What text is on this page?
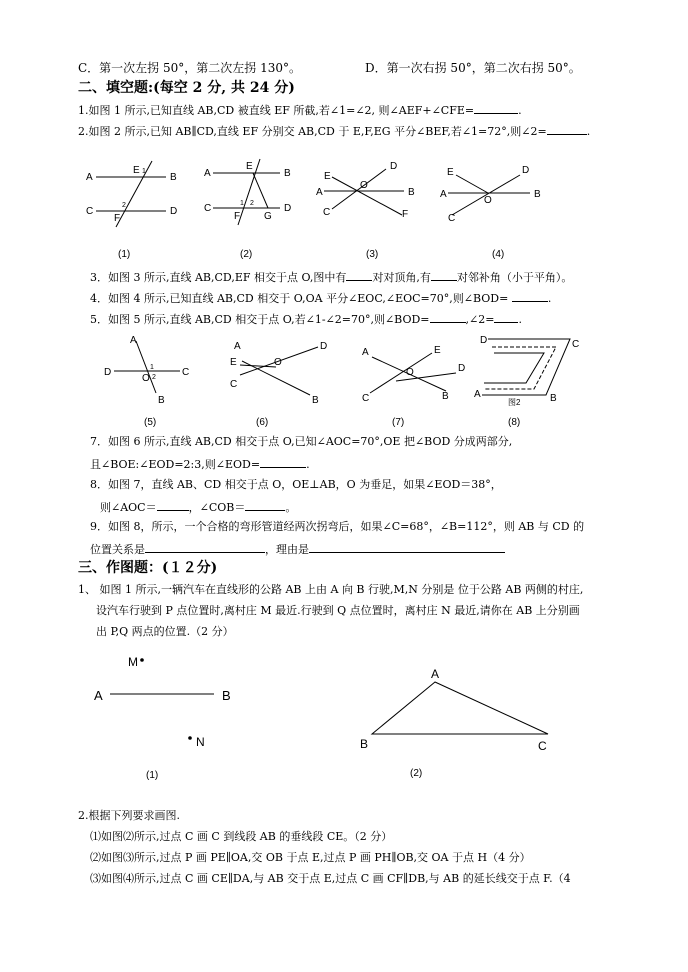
C．第一次左拐 50°，第二次左拐 130°。	D．第一次右拐 50°，第二次右拐 50°。
二、填空题:(每空 2 分, 共 24 分)
1.如图 1 所示,已知直线 AB,CD 被直线 EF 所截,若∠1=∠2, 则∠AEF+∠CFE=	.
2.如图 2 所示,已知 AB∥CD,直线 EF 分别交 AB,CD 于 E,F,EG 平分∠BEF,若∠1=72°,则∠2=	.
A	B
C	D
E 1
F
2
A	B
C	D
E
F G
1 2
E
A
C
D
B
F
O
E
A
C
D
B
O
(1)	(2)	(3)	(4)
3．如图 3 所示,直线 AB,CD,EF 相交于点 O,图中有 对对顶角,有 对邻补角（小于平角）。
4．如图 4 所示,已知直线 AB,CD 相交于 O,OA 平分∠EOC,∠EOC=70°,则∠BOD=	.
5．如图 5 所示,直线 AB,CD 相交于点 O,若∠1-∠2=70°,则∠BOD=	,∠2= .
A
D	C
B
O
1
2
A
E
C
D
B
O
A	E
C
D
B
O
D	C
A	B
图2
(5)	(6)	(7)	(8)
7．如图 6 所示,直线 AB,CD 相交于点 O,已知∠AOC=70°,OE 把∠BOD 分成两部分,
且∠BOE:∠EOD=2:3,则∠EOD=	.
8．如图 7，直线 AB、CD 相交于点 O，OE⊥AB，O 为垂足，如果∠EOD＝38°，
则∠AOC＝	，∠COB＝	。
9．如图 8，所示，一个合格的弯形管道经两次拐弯后，如果∠C=68°，∠B=112°，则 AB 与 CD 的
位置关系是	，理由是
三、作图题：(１２分)
1、 如图 1 所示,一辆汽车在直线形的公路 AB 上由 A 向 B 行驶,M,N 分别是 位于公路 AB 两侧的村庄,
设汽车行驶到 P 点位置时,离村庄 M 最近.行驶到 Q 点位置时，离村庄 N 最近,请你在 AB 上分别画
出 P,Q 两点的位置.（2 分）
M
A	B
N
A
B	C
(1)	(2)
2.根据下列要求画图.
⑴如图⑵所示,过点 C 画 C 到线段 AB 的垂线段 CE。（2 分）
⑵如图⑶所示,过点 P 画 PE∥OA,交 OB 于点 E,过点 P 画 PH∥OB,交 OA 于点 H（4 分）
⑶如图⑷所示,过点 C 画 CE∥DA,与 AB 交于点 E,过点 C 画 CF∥DB,与 AB 的延长线交于点 F.（4
